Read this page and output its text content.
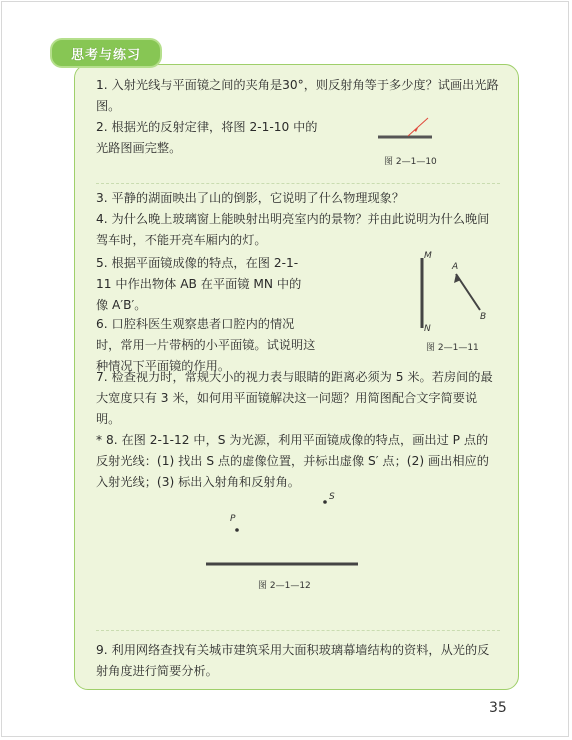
思考与练习

1. 入射光线与平面镜之间的夹角是30°，则反射角等于多少度？试画出光路图。

2. 根据光的反射定律，将图 2-1-10 中的光路图画完整。

图 2—1—10

3. 平静的湖面映出了山的倒影，它说明了什么物理现象？

4. 为什么晚上玻璃窗上能映射出明亮室内的景物？并由此说明为什么晚间驾车时，不能开亮车厢内的灯。

5. 根据平面镜成像的特点，在图 2-1-11 中作出物体 AB 在平面镜 MN 中的像 A′B′。

6. 口腔科医生观察患者口腔内的情况时，常用一片带柄的小平面镜。试说明这种情况下平面镜的作用。

M
N
A
B
图 2—1—11

7. 检查视力时，常规大小的视力表与眼睛的距离必须为 5 米。若房间的最大宽度只有 3 米，如何用平面镜解决这一问题？用简图配合文字简要说明。

* 8. 在图 2-1-12 中，S 为光源，利用平面镜成像的特点，画出过 P 点的反射光线：(1) 找出 S 点的虚像位置，并标出虚像 S′ 点；(2) 画出相应的入射光线；(3) 标出入射角和反射角。

S
P
图 2—1—12

9. 利用网络查找有关城市建筑采用大面积玻璃幕墙结构的资料，从光的反射角度进行简要分析。

35
